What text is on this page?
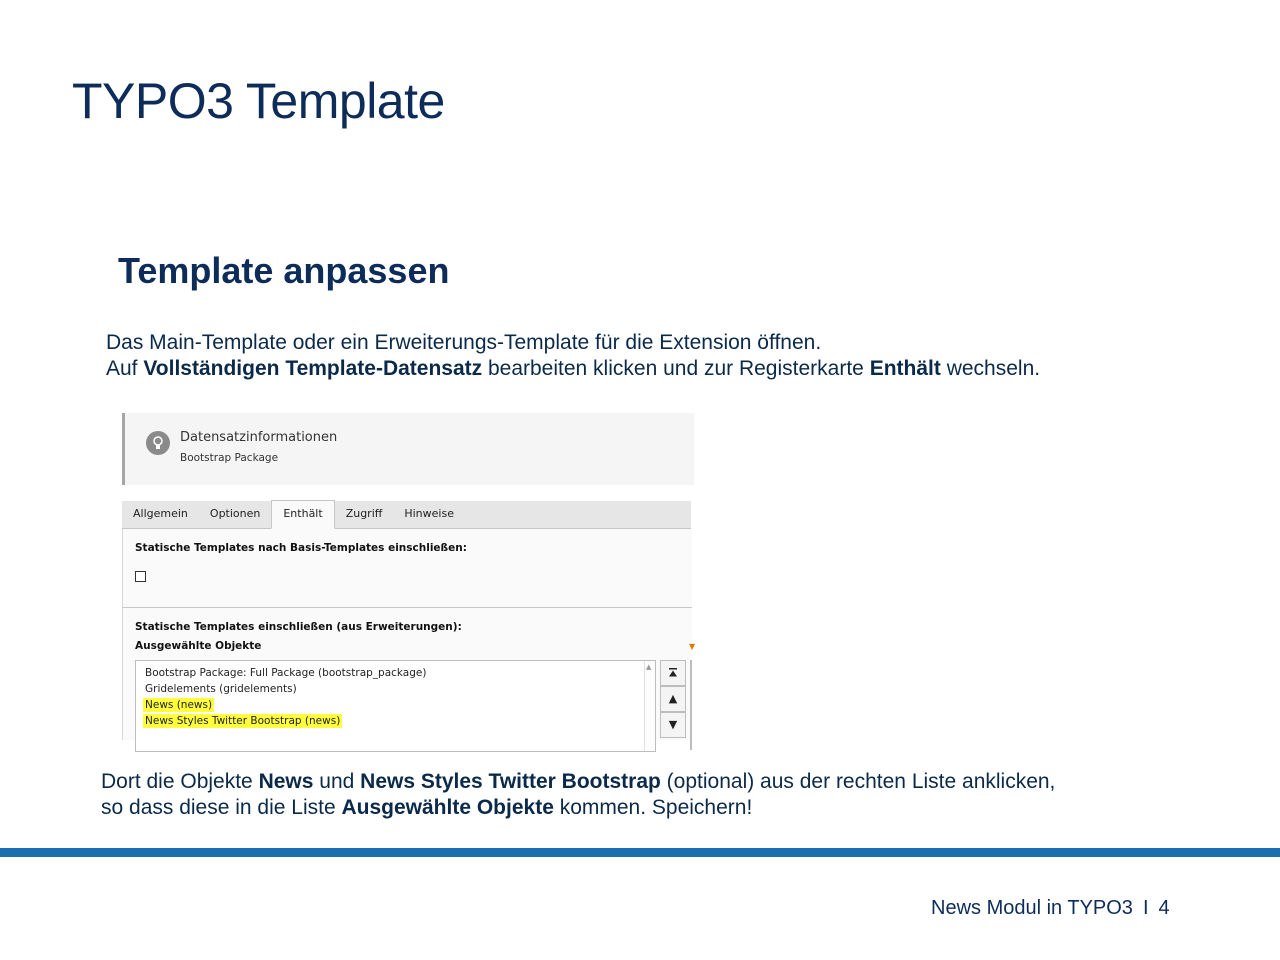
TYPO3 Template
Template anpassen
Das Main-Template oder ein Erweiterungs-Template für die Extension öffnen.
Auf Vollständigen Template-Datensatz bearbeiten klicken und zur Registerkarte Enthält wechseln.
Datensatzinformationen
Bootstrap Package
Allgemein	Optionen	Enthält	Zugriff	Hinweise
Statische Templates nach Basis-Templates einschließen:
Statische Templates einschließen (aus Erweiterungen):
Ausgewählte Objekte	▼
Bootstrap Package: Full Package (bootstrap_package)
Gridelements (gridelements)
News (news)
News Styles Twitter Bootstrap (news)
▲
▲
▼
Dort die Objekte News und News Styles Twitter Bootstrap (optional) aus der rechten Liste anklicken,
so dass diese in die Liste Ausgewählte Objekte kommen. Speichern!
News Modul in TYPO3 I 4
